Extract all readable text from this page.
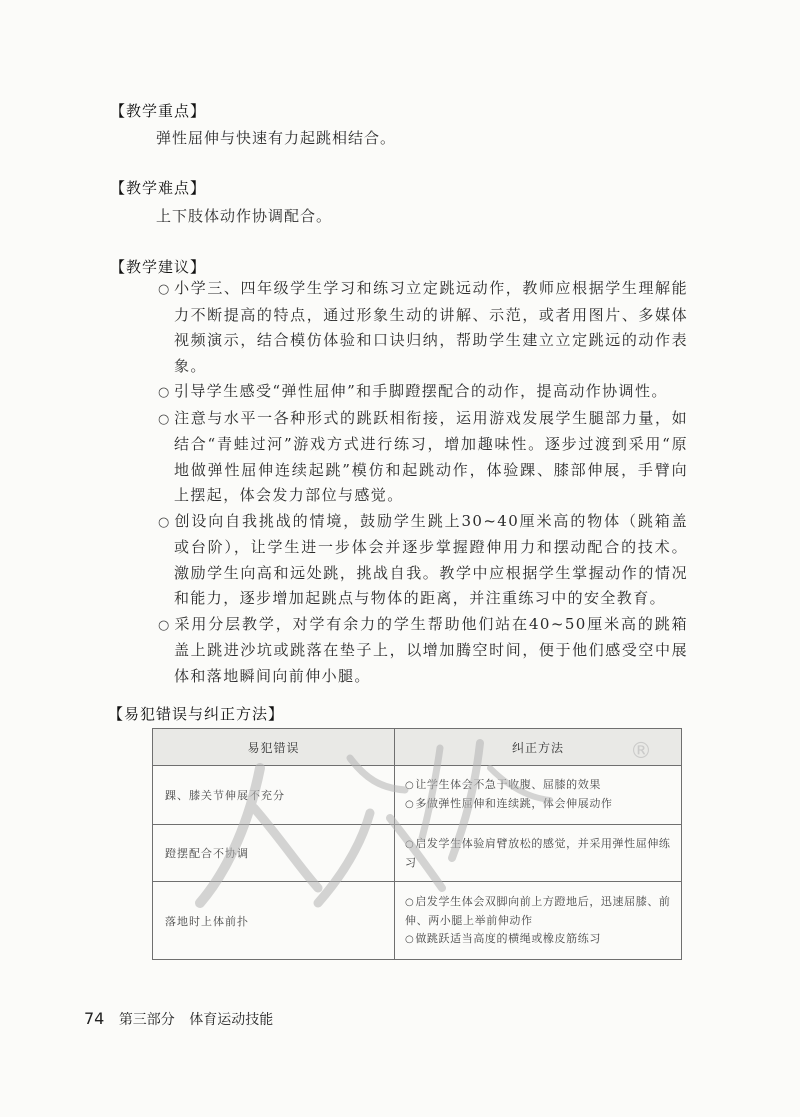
【教学重点】
弹性屈伸与快速有力起跳相结合。
【教学难点】
上下肢体动作协调配合。
【教学建议】
○ 小学三、四年级学生学习和练习立定跳远动作，教师应根据学生理解能力不断提高的特点，通过形象生动的讲解、示范，或者用图片、多媒体视频演示，结合模仿体验和口诀归纳，帮助学生建立立定跳远的动作表象。
○ 引导学生感受“弹性屈伸”和手脚蹬摆配合的动作，提高动作协调性。
○ 注意与水平一各种形式的跳跃相衔接，运用游戏发展学生腿部力量，如结合“青蛙过河”游戏方式进行练习，增加趣味性。逐步过渡到采用“原地做弹性屈伸连续起跳”模仿和起跳动作，体验踝、膝部伸展，手臂向上摆起，体会发力部位与感觉。
○ 创设向自我挑战的情境，鼓励学生跳上30~40厘米高的物体（跳箱盖或台阶），让学生进一步体会并逐步掌握蹬伸用力和摆动配合的技术。激励学生向高和远处跳，挑战自我。教学中应根据学生掌握动作的情况和能力，逐步增加起跳点与物体的距离，并注重练习中的安全教育。
○ 采用分层教学，对学有余力的学生帮助他们站在40~50厘米高的跳箱盖上跳进沙坑或跳落在垫子上，以增加腾空时间，便于他们感受空中展体和落地瞬间向前伸小腿。
【易犯错误与纠正方法】
易犯错误	纠正方法
踝、膝关节伸展不充分	○让学生体会不急于收腹、屈膝的效果
○多做弹性屈伸和连续跳，体会伸展动作

蹬摆配合不协调	○启发学生体验肩臂放松的感觉，并采用弹性屈伸练习

落地时上体前扑	○启发学生体会双脚向前上方蹬地后，迅速屈膝、前伸、两小腿上举前伸动作
○做跳跃适当高度的横绳或橡皮筋练习
®
74 第三部分 体育运动技能
